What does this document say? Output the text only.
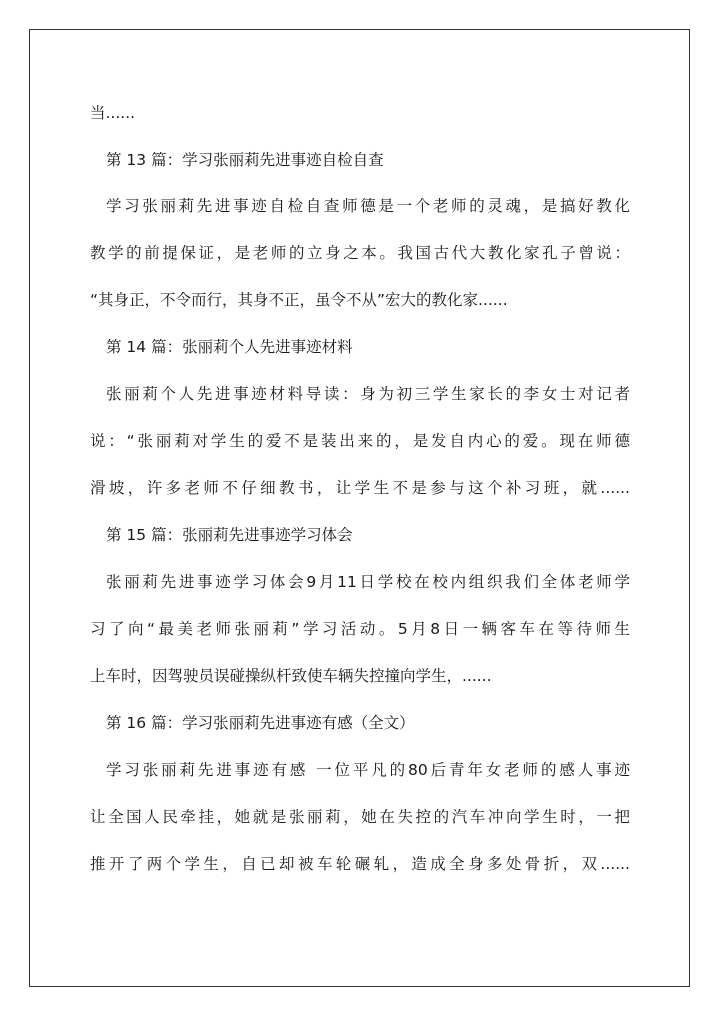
当......
第 13 篇：学习张丽莉先进事迹自检自查
学习张丽莉先进事迹自检自查师德是一个老师的灵魂，是搞好教化
教学的前提保证，是老师的立身之本。我国古代大教化家孔子曾说：
“其身正，不令而行，其身不正，虽令不从”宏大的教化家......
第 14 篇：张丽莉个人先进事迹材料
张丽莉个人先进事迹材料导读：身为初三学生家长的李女士对记者
说：“张丽莉对学生的爱不是装出来的，是发自内心的爱。现在师德
滑坡，许多老师不仔细教书，让学生不是参与这个补习班，就......
第 15 篇：张丽莉先进事迹学习体会
张丽莉先进事迹学习体会9月11日学校在校内组织我们全体老师学
习了向“最美老师张丽莉”学习活动。5月8日一辆客车在等待师生
上车时，因驾驶员误碰操纵杆致使车辆失控撞向学生，......
第 16 篇：学习张丽莉先进事迹有感（全文）
学习张丽莉先进事迹有感 一位平凡的80后青年女老师的感人事迹
让全国人民牵挂，她就是张丽莉，她在失控的汽车冲向学生时，一把
推开了两个学生，自已却被车轮碾轧，造成全身多处骨折，双......
